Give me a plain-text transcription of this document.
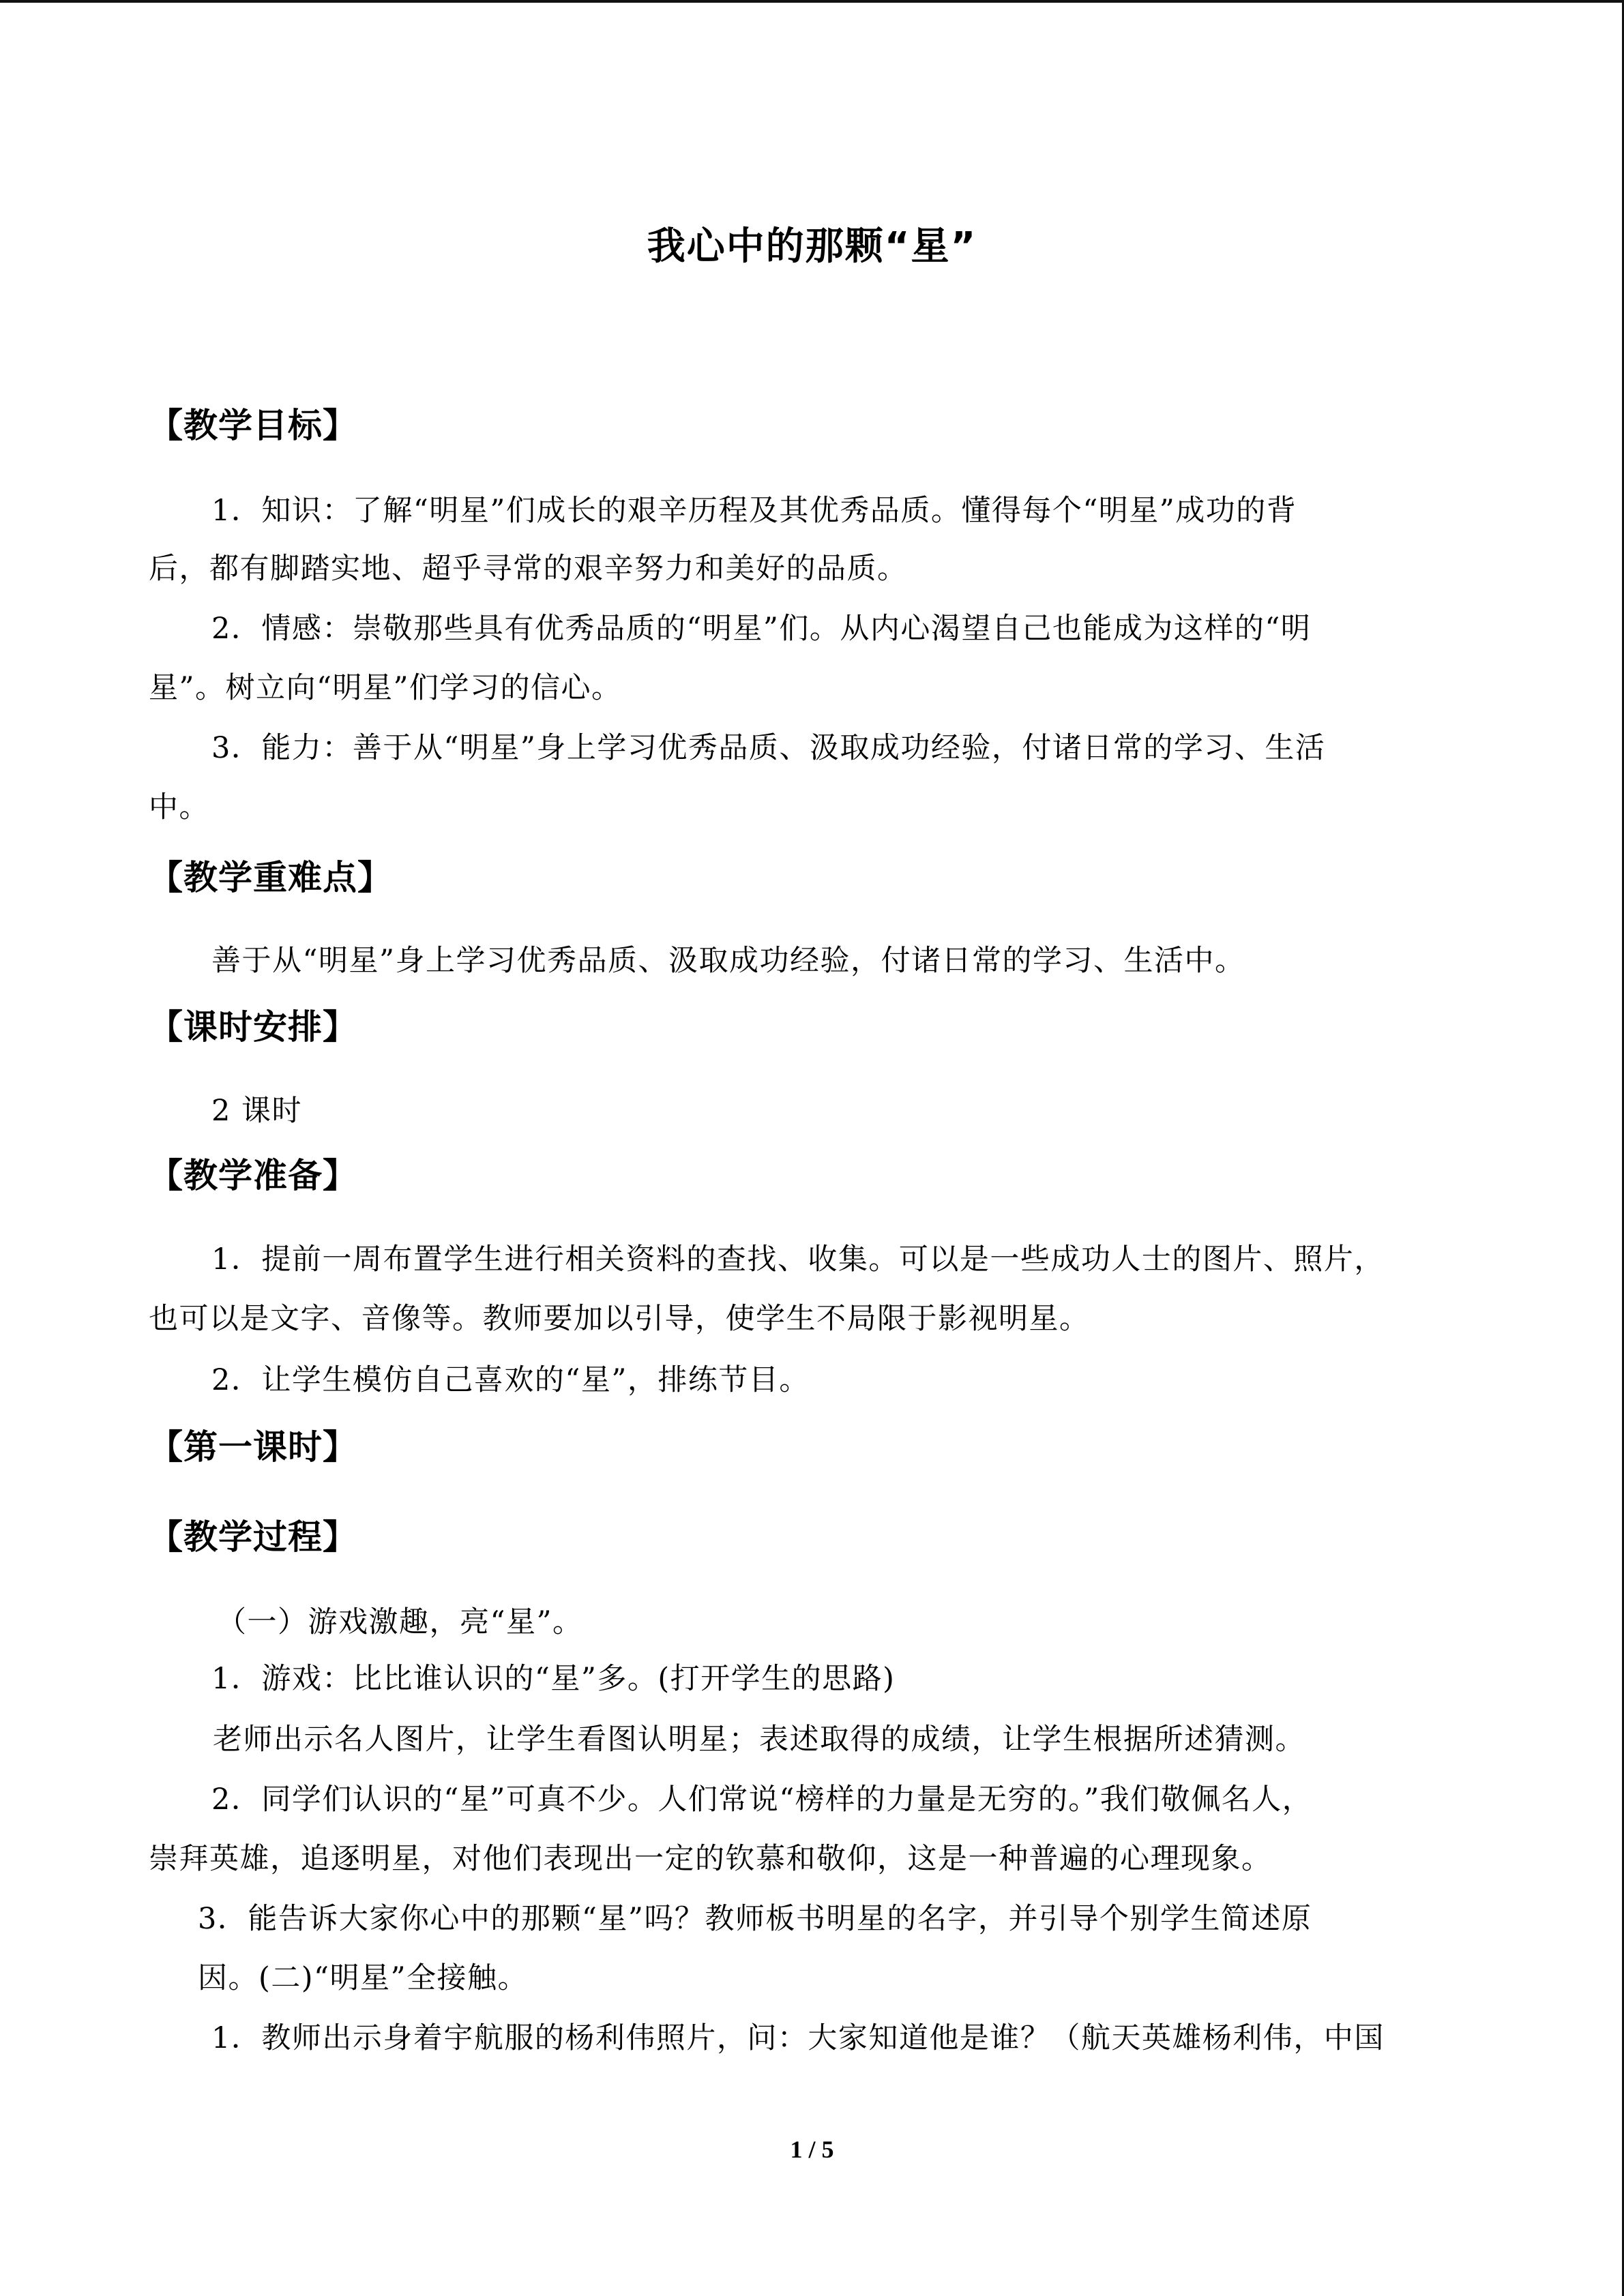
我心中的那颗“星”
【教学目标】
1．知识：了解“明星”们成长的艰辛历程及其优秀品质。懂得每个“明星”成功的背
后，都有脚踏实地、超乎寻常的艰辛努力和美好的品质。
2．情感：崇敬那些具有优秀品质的“明星”们。从内心渴望自己也能成为这样的“明
星”。树立向“明星”们学习的信心。
3．能力：善于从“明星”身上学习优秀品质、汲取成功经验，付诸日常的学习、生活
中。
【教学重难点】
善于从“明星”身上学习优秀品质、汲取成功经验，付诸日常的学习、生活中。
【课时安排】
2 课时
【教学准备】
1．提前一周布置学生进行相关资料的查找、收集。可以是一些成功人士的图片、照片，
也可以是文字、音像等。教师要加以引导，使学生不局限于影视明星。
2．让学生模仿自己喜欢的“星”，排练节目。
【第一课时】
【教学过程】
（一）游戏激趣，亮“星”。
1．游戏：比比谁认识的“星”多。(打开学生的思路)
老师出示名人图片，让学生看图认明星；表述取得的成绩，让学生根据所述猜测。
2．同学们认识的“星”可真不少。人们常说“榜样的力量是无穷的。”我们敬佩名人，
崇拜英雄，追逐明星，对他们表现出一定的钦慕和敬仰，这是一种普遍的心理现象。
3．能告诉大家你心中的那颗“星”吗？教师板书明星的名字，并引导个别学生简述原
因。(二)“明星”全接触。
1．教师出示身着宇航服的杨利伟照片，问：大家知道他是谁？（航天英雄杨利伟，中国
1 / 5
